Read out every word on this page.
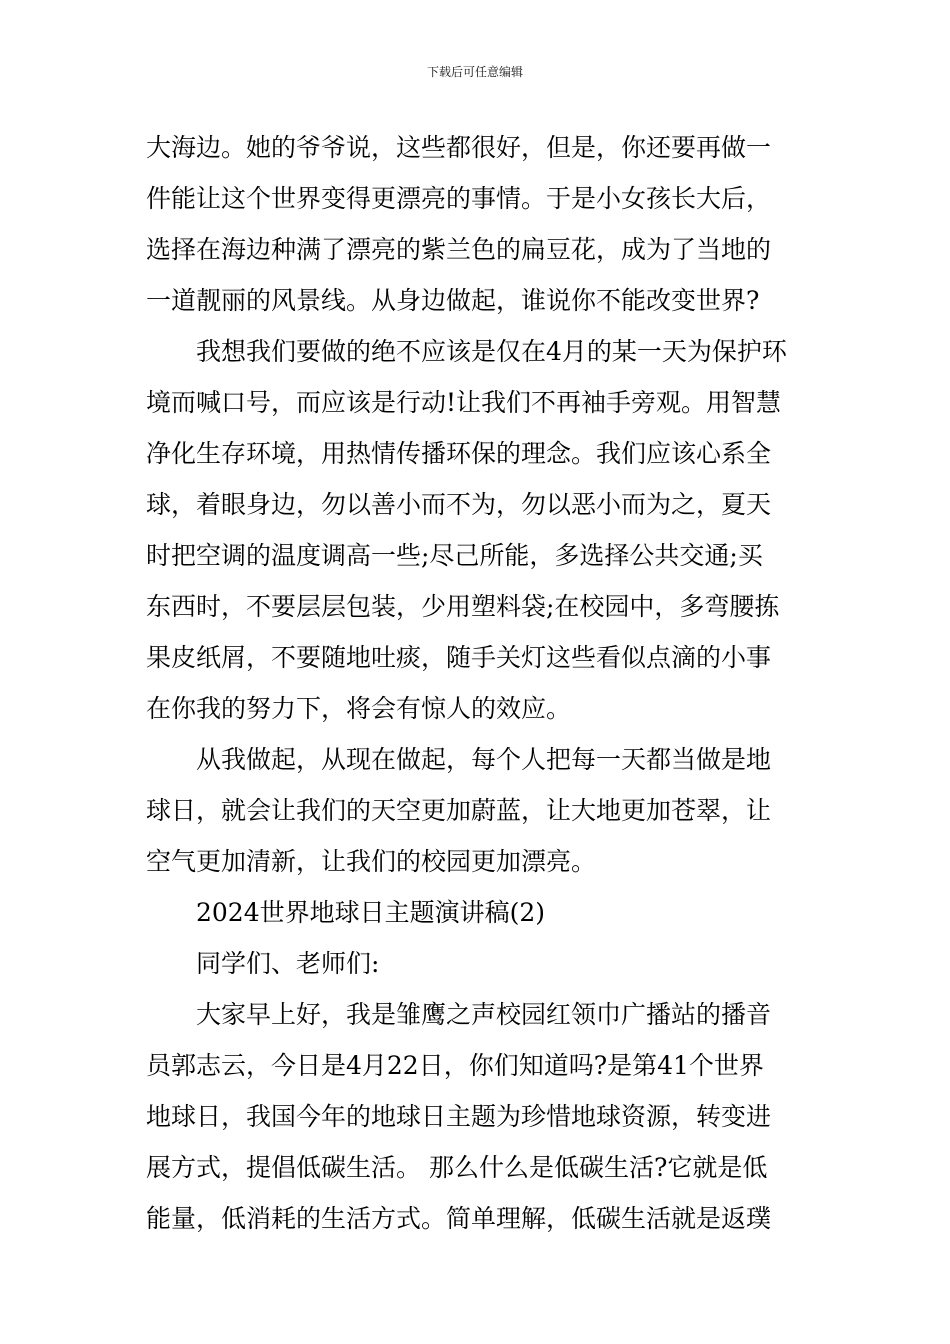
下载后可任意编辑
大海边。她的爷爷说，这些都很好，但是，你还要再做一
件能让这个世界变得更漂亮的事情。于是小女孩长大后，
选择在海边种满了漂亮的紫兰色的扁豆花，成为了当地的
一道靓丽的风景线。从身边做起，谁说你不能改变世界?
我想我们要做的绝不应该是仅在4月的某一天为保护环
境而喊口号，而应该是行动!让我们不再袖手旁观。用智慧
净化生存环境，用热情传播环保的理念。我们应该心系全
球，着眼身边，勿以善小而不为，勿以恶小而为之，夏天
时把空调的温度调高一些;尽己所能，多选择公共交通;买
东西时，不要层层包装，少用塑料袋;在校园中，多弯腰拣
果皮纸屑，不要随地吐痰，随手关灯这些看似点滴的小事
在你我的努力下，将会有惊人的效应。
从我做起，从现在做起，每个人把每一天都当做是地
球日，就会让我们的天空更加蔚蓝，让大地更加苍翠，让
空气更加清新，让我们的校园更加漂亮。
2024世界地球日主题演讲稿(2)
同学们、老师们:
大家早上好，我是雏鹰之声校园红领巾广播站的播音
员郭志云，今日是4月22日，你们知道吗?是第41个世界
地球日，我国今年的地球日主题为珍惜地球资源，转变进
展方式，提倡低碳生活。 那么什么是低碳生活?它就是低
能量，低消耗的生活方式。简单理解，低碳生活就是返璞
